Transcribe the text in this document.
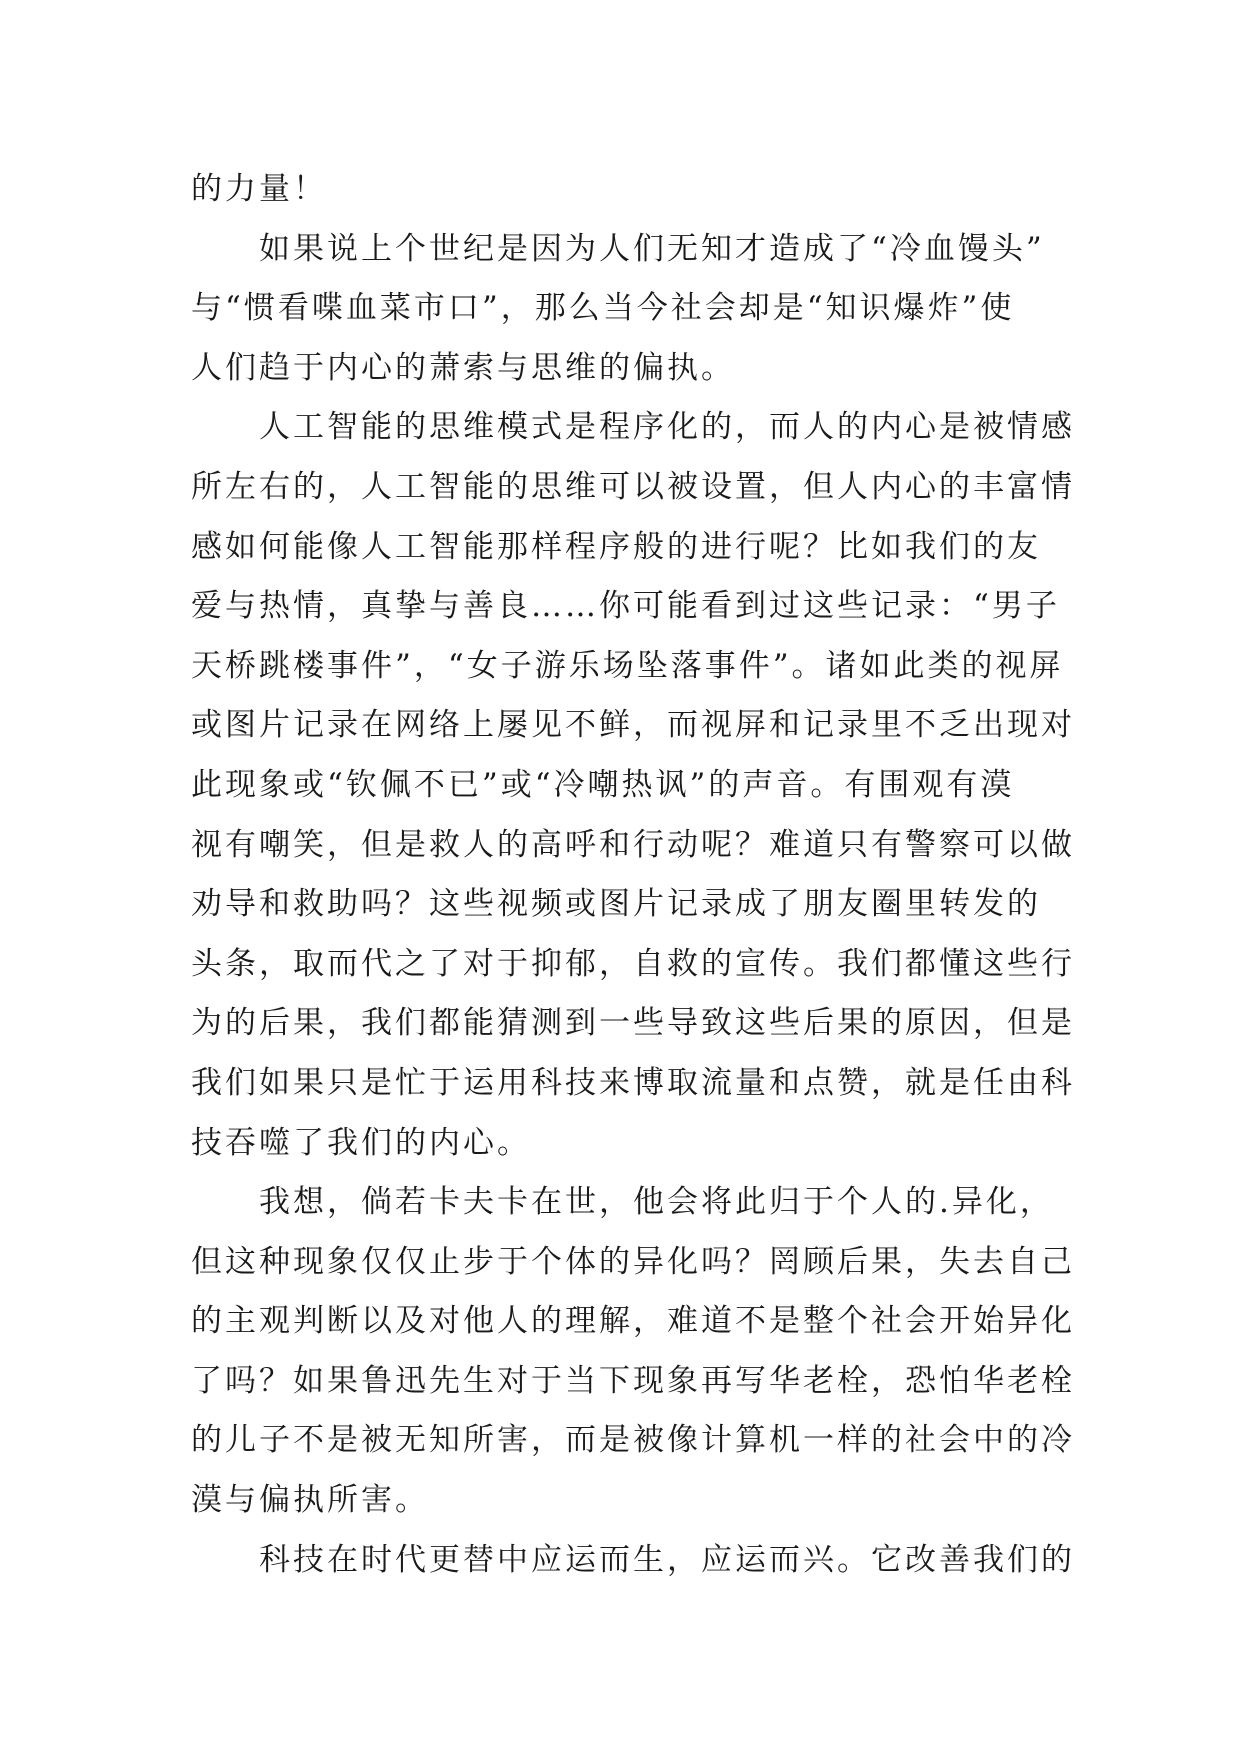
的力量！
如果说上个世纪是因为人们无知才造成了“冷血馒头”
与“惯看喋血菜市口”，那么当今社会却是“知识爆炸”使
人们趋于内心的萧索与思维的偏执。
人工智能的思维模式是程序化的，而人的内心是被情感
所左右的，人工智能的思维可以被设置，但人内心的丰富情
感如何能像人工智能那样程序般的进行呢？比如我们的友
爱与热情，真挚与善良……你可能看到过这些记录：“男子
天桥跳楼事件”，“女子游乐场坠落事件”。诸如此类的视屏
或图片记录在网络上屡见不鲜，而视屏和记录里不乏出现对
此现象或“钦佩不已”或“冷嘲热讽”的声音。有围观有漠
视有嘲笑，但是救人的高呼和行动呢？难道只有警察可以做
劝导和救助吗？这些视频或图片记录成了朋友圈里转发的
头条，取而代之了对于抑郁，自救的宣传。我们都懂这些行
为的后果，我们都能猜测到一些导致这些后果的原因，但是
我们如果只是忙于运用科技来博取流量和点赞，就是任由科
技吞噬了我们的内心。
我想，倘若卡夫卡在世，他会将此归于个人的.异化，
但这种现象仅仅止步于个体的异化吗？罔顾后果，失去自己
的主观判断以及对他人的理解，难道不是整个社会开始异化
了吗？如果鲁迅先生对于当下现象再写华老栓，恐怕华老栓
的儿子不是被无知所害，而是被像计算机一样的社会中的冷
漠与偏执所害。
科技在时代更替中应运而生，应运而兴。它改善我们的
